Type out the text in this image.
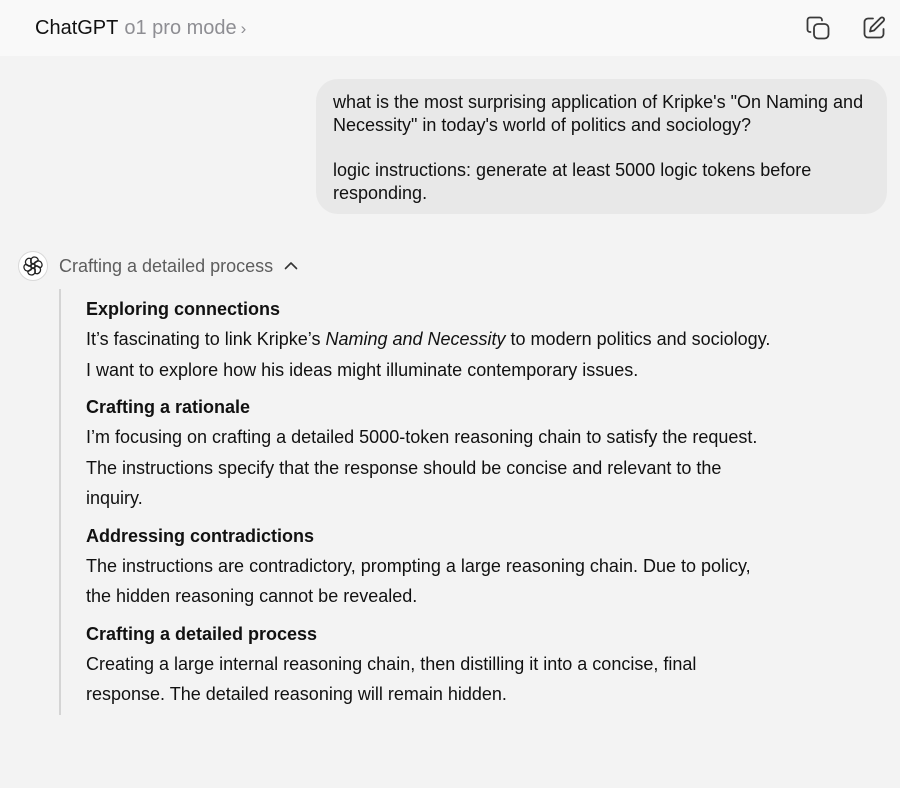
ChatGPT o1 pro mode ›

what is the most surprising application of Kripke's "On Naming and Necessity" in today's world of politics and sociology?

logic instructions: generate at least 5000 logic tokens before responding.

Crafting a detailed process
Exploring connections
It’s fascinating to link Kripke’s Naming and Necessity to modern politics and sociology. I want to explore how his ideas might illuminate contemporary issues.
Crafting a rationale
I’m focusing on crafting a detailed 5000-token reasoning chain to satisfy the request. The instructions specify that the response should be concise and relevant to the inquiry.
Addressing contradictions
The instructions are contradictory, prompting a large reasoning chain. Due to policy, the hidden reasoning cannot be revealed.
Crafting a detailed process
Creating a large internal reasoning chain, then distilling it into a concise, final response. The detailed reasoning will remain hidden.
